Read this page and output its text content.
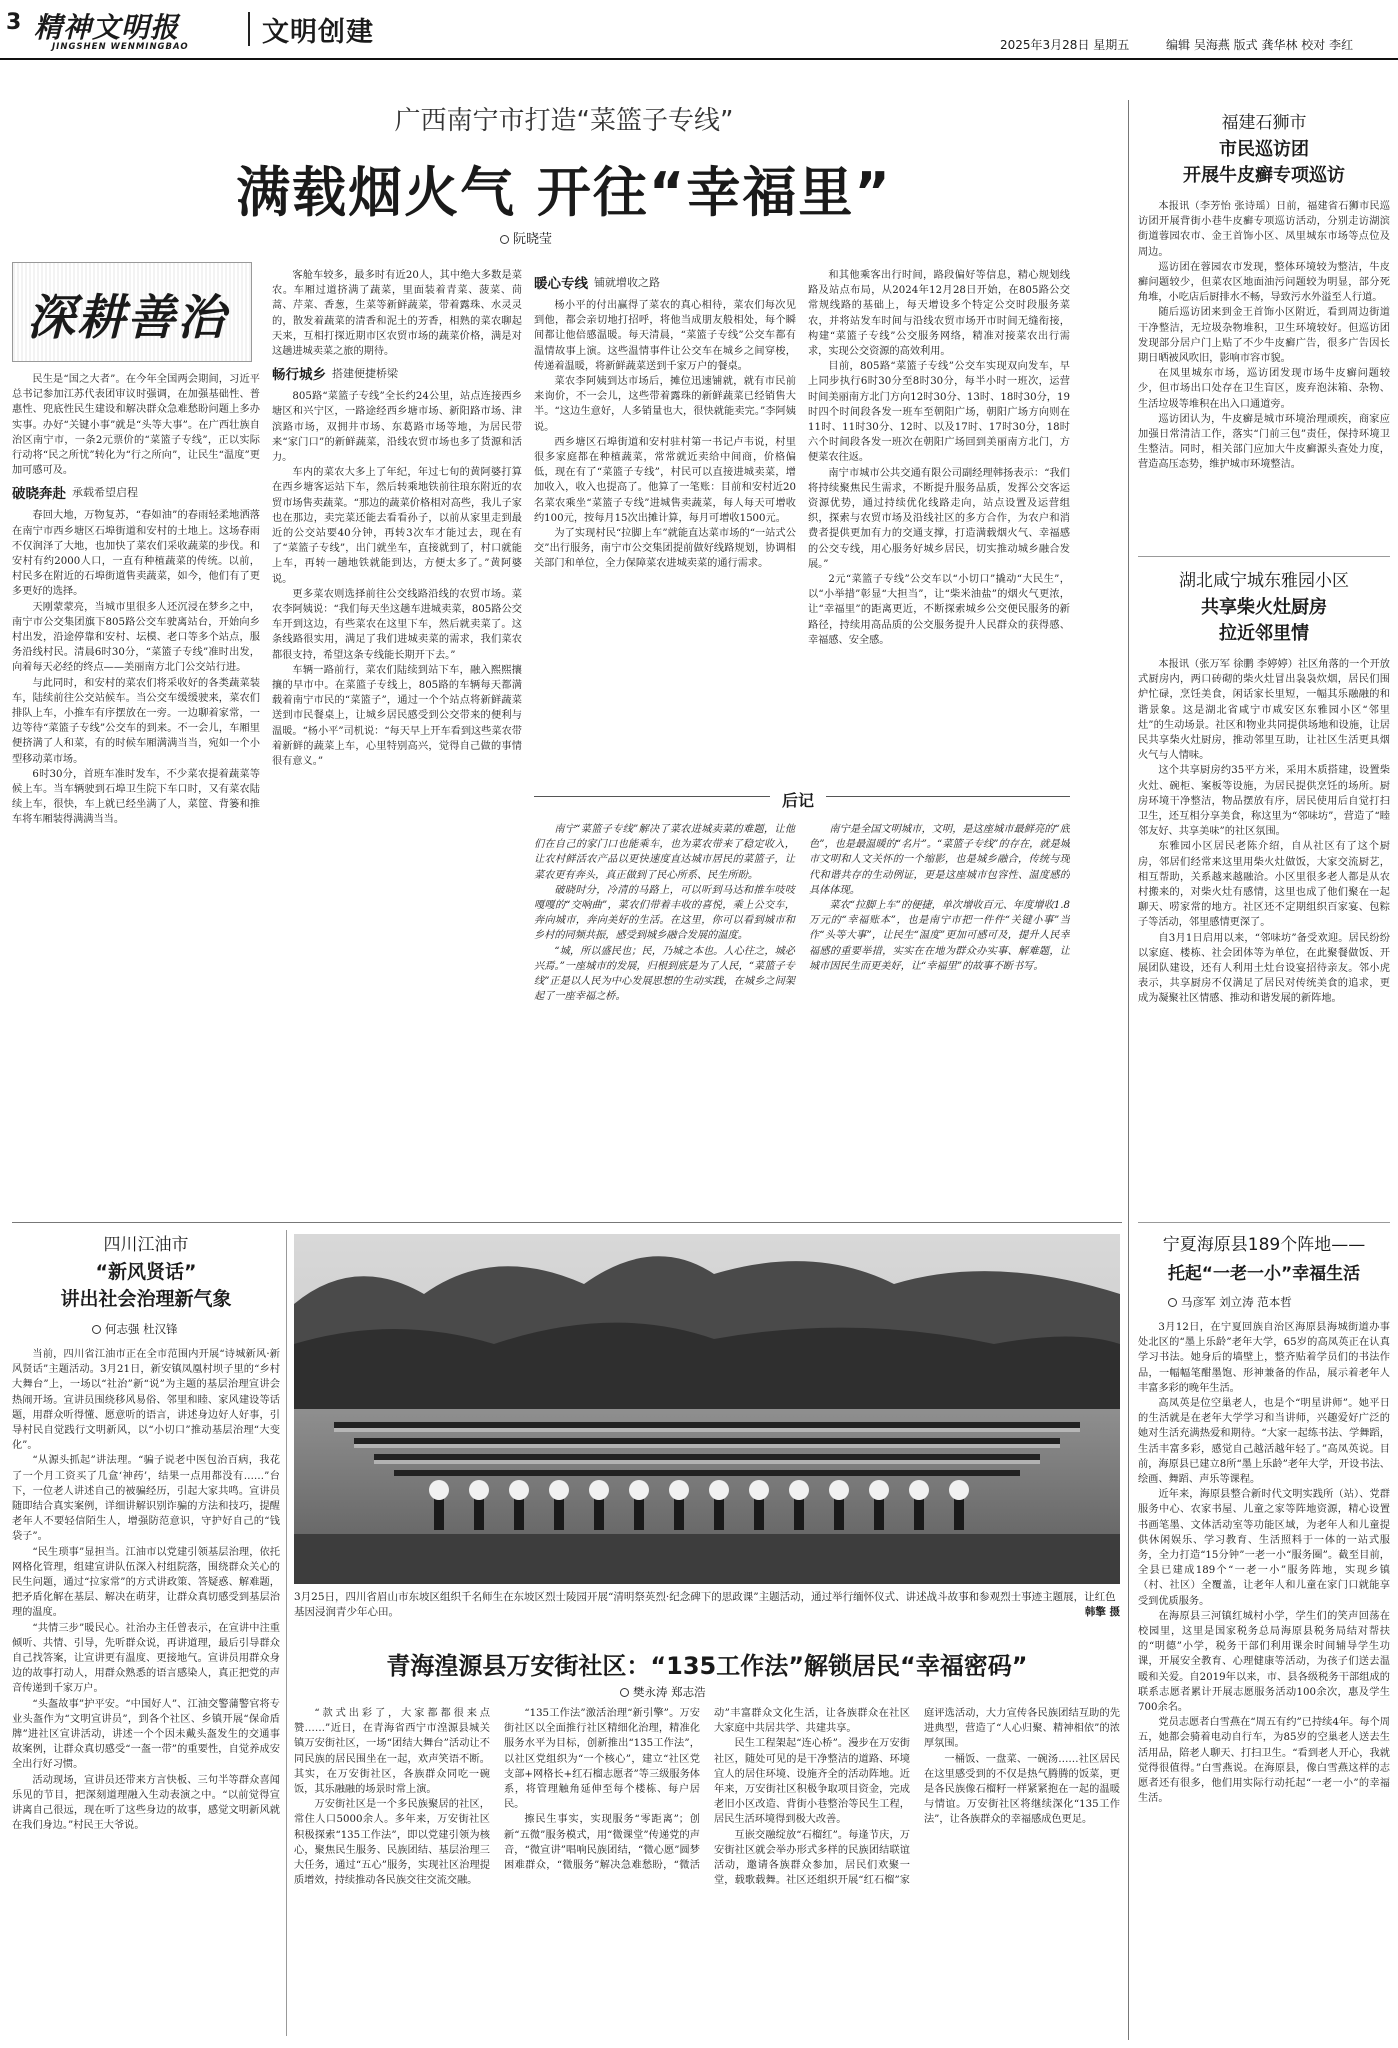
3 精神文明报
JINGSHEN WENMINGBAO	文明创建	2025年3月28日 星期五	编辑 吴海燕 版式 龚华林 校对 李红
广西南宁市打造“菜篮子专线”
满载烟火气 开往“幸福里”
阮晓莹
深耕善治

民生是“国之大者”。在今年全国两会期间，习近平总书记参加江苏代表团审议时强调，在加强基础性、普惠性、兜底性民生建设和解决群众急难愁盼问题上多办实事。办好“关键小事”就是“头等大事”。在广西壮族自治区南宁市，一条2元票价的“菜篮子专线”，正以实际行动将“民之所忧”转化为“行之所向”，让民生“温度”更加可感可及。

破晓奔赴 承载希望启程

春回大地，万物复苏，“春如油”的春雨轻柔地洒落在南宁市西乡塘区石埠街道和安村的土地上。这场春雨不仅润泽了大地，也加快了菜农们采收蔬菜的步伐。和安村有约2000人口，一直有种植蔬菜的传统。以前，村民多在附近的石埠街道售卖蔬菜，如今，他们有了更多更好的选择。

天刚蒙蒙亮，当城市里很多人还沉浸在梦乡之中，南宁市公交集团旗下805路公交车驶离站台，开始向乡村出发，沿途停靠和安村、坛模、老口等多个站点，服务沿线村民。清晨6时30分，“菜篮子专线”准时出发，向着每天必经的终点——美丽南方北门公交站行进。

与此同时，和安村的菜农们将采收好的各类蔬菜装车，陆续前往公交站候车。当公交车缓缓驶来，菜农们排队上车，小推车有序摆放在一旁。一边聊着家常，一边等待“菜篮子专线”公交车的到来。不一会儿，车厢里便挤满了人和菜，有的时候车厢满满当当，宛如一个小型移动菜市场。

6时30分，首班车准时发车，不少菜农提着蔬菜等候上车。当车辆驶到石埠卫生院下车口时，又有菜农陆续上车，很快，车上就已经坐满了人，菜筐、背篓和推车将车厢装得满满当当。

客舱车较多，最多时有近20人，其中绝大多数是菜农。车厢过道挤满了蔬菜，里面装着青菜、菠菜、茼蒿、芹菜、香葱，生菜等新鲜蔬菜，带着露珠、水灵灵的，散发着蔬菜的清香和泥土的芳香，相熟的菜农聊起天来，互相打探近期市区农贸市场的蔬菜价格，满是对这趟进城卖菜之旅的期待。

畅行城乡 搭建便捷桥梁

805路“菜篮子专线”全长约24公里，站点连接西乡塘区和兴宁区，一路途经西乡塘市场、新阳路市场、津滨路市场，双拥井市场、东葛路市场等地，为居民带来“家门口”的新鲜蔬菜，沿线农贸市场也多了货源和活力。

车内的菜农大多上了年纪，年过七旬的黄阿婆打算在西乡塘客运站下车，然后转乘地铁前往琅东附近的农贸市场售卖蔬菜。“那边的蔬菜价格相对高些，我儿子家也在那边，卖完菜还能去看看孙子，以前从家里走到最近的公交站要40分钟，再转3次车才能过去，现在有了“菜篮子专线”，出门就坐车，直接就到了，村口就能上车，再转一趟地铁就能到达，方便太多了。”黄阿婆说。

更多菜农则选择前往公交线路沿线的农贸市场。菜农李阿姨说：“我们每天坐这趟车进城卖菜，805路公交车开到这边，有些菜农在这里下车，然后就卖菜了。这条线路很实用，满足了我们进城卖菜的需求，我们菜农都很支持，希望这条专线能长期开下去。”

车辆一路前行，菜农们陆续到站下车，融入熙熙攘攘的早市中。在菜篮子专线上，805路的车辆每天都满载着南宁市民的“菜篮子”，通过一个个站点将新鲜蔬菜送到市民餐桌上，让城乡居民感受到公交带来的便利与温暖。“杨小平”司机说：“每天早上开车看到这些菜农带着新鲜的蔬菜上车，心里特别高兴，觉得自己做的事情很有意义。”

暖心专线 铺就增收之路

杨小平的付出赢得了菜农的真心相待，菜农们每次见到他，都会亲切地打招呼，将他当成朋友般相处，每个瞬间都让他倍感温暖。每天清晨，“菜篮子专线”公交车都有温情故事上演。这些温情事件让公交车在城乡之间穿梭，传递着温暖，将新鲜蔬菜送到千家万户的餐桌。

菜农李阿姨到达市场后，摊位迅速铺就，就有市民前来询价，不一会儿，这些带着露珠的新鲜蔬菜已经销售大半。“这边生意好，人多销量也大，很快就能卖完。”李阿姨说。

西乡塘区石埠街道和安村驻村第一书记卢韦说，村里很多家庭都在种植蔬菜，常常就近卖给中间商，价格偏低，现在有了“菜篮子专线”，村民可以直接进城卖菜，增加收入，收入也提高了。他算了一笔账：目前和安村近20名菜农乘坐“菜篮子专线”进城售卖蔬菜，每人每天可增收约100元，按每月15次出摊计算，每月可增收1500元。

为了实现村民“拉脚上车”就能直达菜市场的“一站式公交”出行服务，南宁市公交集团提前做好线路规划，协调相关部门和单位，全力保障菜农进城卖菜的通行需求。

和其他乘客出行时间，路段偏好等信息，精心规划线路及站点布局，从2024年12月28日开始，在805路公交常规线路的基础上，每天增设多个特定公交时段服务菜农，并将站发车时间与沿线农贸市场开市时间无缝衔接，构建“菜篮子专线”公交服务网络，精准对接菜农出行需求，实现公交资源的高效利用。

目前，805路“菜篮子专线”公交车实现双向发车，早上同步执行6时30分至8时30分，每半小时一班次，运营时间美丽南方北门方向12时30分、13时、18时30分，19时四个时间段各发一班车至朝阳广场，朝阳广场方向则在11时、11时30分、12时、以及17时、17时30分，18时六个时间段各发一班次在朝阳广场回到美丽南方北门，方便菜农往返。

南宁市城市公共交通有限公司副经理韩扬表示：“我们将持续聚焦民生需求，不断提升服务品质，发挥公交客运资源优势，通过持续优化线路走向，站点设置及运营组织，探索与农贸市场及沿线社区的多方合作，为农户和消费者提供更加有力的交通支撑，打造满载烟火气、幸福感的公交专线，用心服务好城乡居民，切实推动城乡融合发展。”

2元“菜篮子专线”公交车以“小切口”撬动“大民生”，以“小举措”彰显“大担当”，让“柴米油盐”的烟火气更浓，让“幸福里”的距离更近，不断探索城乡公交便民服务的新路径，持续用高品质的公交服务提升人民群众的获得感、幸福感、安全感。

后记

南宁“菜篮子专线”解决了菜农进城卖菜的难题，让他们在自己的家门口也能乘车，也为菜农带来了稳定收入，让农村鲜活农产品以更快速度直达城市居民的菜篮子，让菜农更有奔头，真正做到了民心所系、民生所盼。

破晓时分，冷清的马路上，可以听到马达和推车吱吱嘎嘎的“交响曲”，菜农们带着丰收的喜悦，乘上公交车，奔向城市，奔向美好的生活。在这里，你可以看到城市和乡村的同频共振，感受到城乡融合发展的温度。

“城，所以盛民也；民，乃城之本也。人心往之，城必兴焉。”一座城市的发展，归根到底是为了人民，“菜篮子专线”正是以人民为中心发展思想的生动实践，在城乡之间架起了一座幸福之桥。

南宁是全国文明城市，文明，是这座城市最鲜亮的“底色”，也是最温暖的“名片”。“菜篮子专线”的存在，就是城市文明和人文关怀的一个缩影，也是城乡融合，传统与现代和谐共存的生动例证，更是这座城市包容性、温度感的具体体现。

菜农“拉脚上车”的便捷，单次增收百元、年度增收1.8万元的“幸福账本”，也是南宁市把一件件“关键小事”当作“头等大事”，让民生“温度”更加可感可及，提升人民幸福感的重要举措，实实在在地为群众办实事、解难题，让城市因民生而更美好，让“幸福里”的故事不断书写。

福建石狮市
市民巡访团
开展牛皮癣专项巡访

本报讯（李芳怡 张诗瑶）日前，福建省石狮市民巡访团开展背街小巷牛皮癣专项巡访活动，分别走访湖滨街道蓉园农市、金王首饰小区、凤里城东市场等点位及周边。

巡访团在蓉园农市发现，整体环境较为整洁，牛皮癣问题较少，但菜农区地面油污问题较为明显，部分死角堆，小吃店后厨排水不畅，导致污水外溢至人行道。

随后巡访团来到金王首饰小区附近，看到周边街道干净整洁，无垃圾杂物堆积，卫生环境较好。但巡访团发现部分居户门上贴了不少牛皮癣广告，很多广告因长期日晒被风吹旧，影响市容市貌。

在凤里城东市场，巡访团发现市场牛皮癣问题较少，但市场出口处存在卫生盲区，废弃泡沫箱、杂物、生活垃圾等堆积在出入口通道旁。

巡访团认为，牛皮癣是城市环境治理顽疾，商家应加强日常清洁工作，落实“门前三包”责任，保持环境卫生整洁。同时，相关部门应加大牛皮癣源头查处力度，营造高压态势，维护城市环境整洁。

湖北咸宁城东雅园小区
共享柴火灶厨房
拉近邻里情

本报讯（张万军 徐鹏 李婷婷）社区角落的一个开放式厨房内，两口砖砌的柴火灶冒出袅袅炊烟，居民们围炉忙碌，烹饪美食，闲话家长里短，一幅其乐融融的和谐景象。这是湖北省咸宁市咸安区东雅园小区“邻里灶”的生动场景。社区和物业共同提供场地和设施，让居民共享柴火灶厨房，推动邻里互助，让社区生活更具烟火气与人情味。

这个共享厨房约35平方米，采用木质搭建，设置柴火灶、碗柜、案板等设施，为居民提供烹饪的场所。厨房环境干净整洁，物品摆放有序，居民使用后自觉打扫卫生，还互相分享美食，称这里为“邻味坊”，营造了“睦邻友好、共享美味”的社区氛围。

东雅园小区居民老陈介绍，自从社区有了这个厨房，邻居们经常来这里用柴火灶做饭，大家交流厨艺，相互帮助，关系越来越融洽。小区里很多老人都是从农村搬来的，对柴火灶有感情，这里也成了他们聚在一起聊天、唠家常的地方。社区还不定期组织百家宴、包粽子等活动，邻里感情更深了。

自3月1日启用以来，“邻味坊”备受欢迎。居民纷纷以家庭、楼栋、社会团体等为单位，在此聚餐做饭、开展团队建设，还有人利用土灶台设宴招待亲友。邻小虎表示，共享厨房不仅满足了居民对传统美食的追求，更成为凝聚社区情感、推动和谐发展的新阵地。

宁夏海原县189个阵地——
托起“一老一小”幸福生活
马彦军 刘立涛 范本哲

3月12日，在宁夏回族自治区海原县海城街道办事处北区的“墨上乐龄”老年大学，65岁的高凤英正在认真学习书法。她身后的墙壁上，整齐贴着学员们的书法作品，一幅幅笔酣墨饱、形神兼备的作品，展示着老年人丰富多彩的晚年生活。

高凤英是位空巢老人，也是个“明星讲师”。她平日的生活就是在老年大学学习和当讲师，兴趣爱好广泛的她对生活充满热爱和期待。“大家一起练书法、学舞蹈，生活丰富多彩，感觉自己越活越年轻了。”高凤英说。目前，海原县已建立8所“墨上乐龄”老年大学，开设书法、绘画、舞蹈、声乐等课程。

近年来，海原县整合新时代文明实践所（站）、党群服务中心、农家书屋、儿童之家等阵地资源，精心设置书画笔墨、文体活动室等功能区域，为老年人和儿童提供休闲娱乐、学习教育、生活照料于一体的一站式服务，全力打造“15分钟”一老一小“服务圈”。截至目前，全县已建成189个“一老一小”服务阵地，实现乡镇（村、社区）全覆盖，让老年人和儿童在家门口就能享受到优质服务。

在海原县三河镇红城村小学，学生们的笑声回荡在校园里，这里是国家税务总局海原县税务局结对帮扶的“明德”小学，税务干部们利用课余时间辅导学生功课，开展安全教育、心理健康等活动，为孩子们送去温暖和关爱。自2019年以来，市、县各级税务干部组成的联系志愿者累计开展志愿服务活动100余次，惠及学生700余名。

党员志愿者白雪燕在“周五有约”已持续4年。每个周五，她都会骑着电动自行车，为85岁的空巢老人送去生活用品，陪老人聊天、打扫卫生。“看到老人开心，我就觉得很值得。”白雪燕说。在海原县，像白雪燕这样的志愿者还有很多，他们用实际行动托起“一老一小”的幸福生活。

四川江油市
“新风贤话”
讲出社会治理新气象
何志强 杜汉锋

当前，四川省江油市正在全市范围内开展“诗城新风·新风贤话”主题活动。3月21日，新安镇凤凰村坝子里的“乡村大舞台”上，一场以“社治”新“说”为主题的基层治理宣讲会热闹开场。宣讲员围绕移风易俗、邻里和睦、家风建设等话题，用群众听得懂、愿意听的语言，讲述身边好人好事，引导村民自觉践行文明新风，以“小切口”推动基层治理“大变化”。

“从源头抓起”讲法理。“骗子说老中医包治百病，我花了一个月工资买了几盒‘神药’，结果一点用都没有……”台下，一位老人讲述自己的被骗经历，引起大家共鸣。宣讲员随即结合真实案例，详细讲解识别诈骗的方法和技巧，提醒老年人不要轻信陌生人，增强防范意识，守护好自己的“钱袋子”。

“民生琐事”显担当。江油市以党建引领基层治理，依托网格化管理，组建宣讲队伍深入村组院落，围绕群众关心的民生问题，通过“拉家常”的方式讲政策、答疑惑、解难题，把矛盾化解在基层、解决在萌芽，让群众真切感受到基层治理的温度。

“共情三步”暖民心。社治办主任曾表示，在宣讲中注重倾听、共情、引导，先听群众说，再讲道理，最后引导群众自己找答案，让宣讲更有温度、更接地气。宣讲员用群众身边的故事打动人，用群众熟悉的语言感染人，真正把党的声音传递到千家万户。

“头盔故事”护平安。“中国好人”、江油交警蒲警官将专业头盔作为“文明宣讲员”，到各个社区、乡镇开展“保命盾牌”进社区宣讲活动，讲述一个个因未戴头盔发生的交通事故案例，让群众真切感受“一盔一带”的重要性，自觉养成安全出行好习惯。

活动现场，宣讲员还带来方言快板、三句半等群众喜闻乐见的节目，把深刻道理融入生动表演之中。“以前觉得宣讲离自己很远，现在听了这些身边的故事，感觉文明新风就在我们身边。”村民王大爷说。

3月25日，四川省眉山市东坡区组织千名师生在东坡区烈士陵园开展“清明祭英烈·纪念碑下的思政课”主题活动，通过举行缅怀仪式、讲述战斗故事和参观烈士事迹主题展，让红色基因浸润青少年心田。	韩擎 摄
青海湟源县万安街社区：“135工作法”解锁居民“幸福密码”
樊永涛 郑志浩

“款式出彩了，大家都都很来点赞……”近日，在青海省西宁市湟源县城关镇万安街社区，一场“团结大舞台”活动让不同民族的居民围坐在一起，欢声笑语不断。其实，在万安街社区，各族群众同吃一碗饭，其乐融融的场景时常上演。

万安街社区是一个多民族聚居的社区，常住人口5000余人。多年来，万安街社区积极探索“135工作法”，即以党建引领为核心，聚焦民生服务、民族团结、基层治理三大任务，通过“五心”服务，实现社区治理提质增效，持续推动各民族交往交流交融。

“135工作法”激活治理“新引擎”。万安街社区以全面推行社区精细化治理，精准化服务水平为目标，创新推出“135工作法”，以社区党组织为“一个核心”，建立“社区党支部+网格长+红石榴志愿者”等三级服务体系，将管理触角延伸至每个楼栋、每户居民。

擦民生事实，实现服务“零距离”；创新“五微”服务模式，用“微课堂”传递党的声音，“微宣讲”唱响民族团结，“微心愿”圆梦困难群众，“微服务”解决急难愁盼，“微活动”丰富群众文化生活，让各族群众在社区大家庭中共居共学、共建共享。

民生工程架起“连心桥”。漫步在万安街社区，随处可见的是干净整洁的道路、环境宜人的居住环境、设施齐全的活动阵地。近年来，万安街社区积极争取项目资金，完成老旧小区改造、背街小巷整治等民生工程，居民生活环境得到极大改善。

互嵌交融绽放“石榴红”。每逢节庆，万安街社区就会举办形式多样的民族团结联谊活动，邀请各族群众参加，居民们欢聚一堂，载歌载舞。社区还组织开展“红石榴”家庭评选活动，大力宣传各民族团结互助的先进典型，营造了“人心归聚、精神相依”的浓厚氛围。

一桶饭、一盘菜、一碗汤……社区居民在这里感受到的不仅是热气腾腾的饭菜，更是各民族像石榴籽一样紧紧抱在一起的温暖与情谊。万安街社区将继续深化“135工作法”，让各族群众的幸福感成色更足。
